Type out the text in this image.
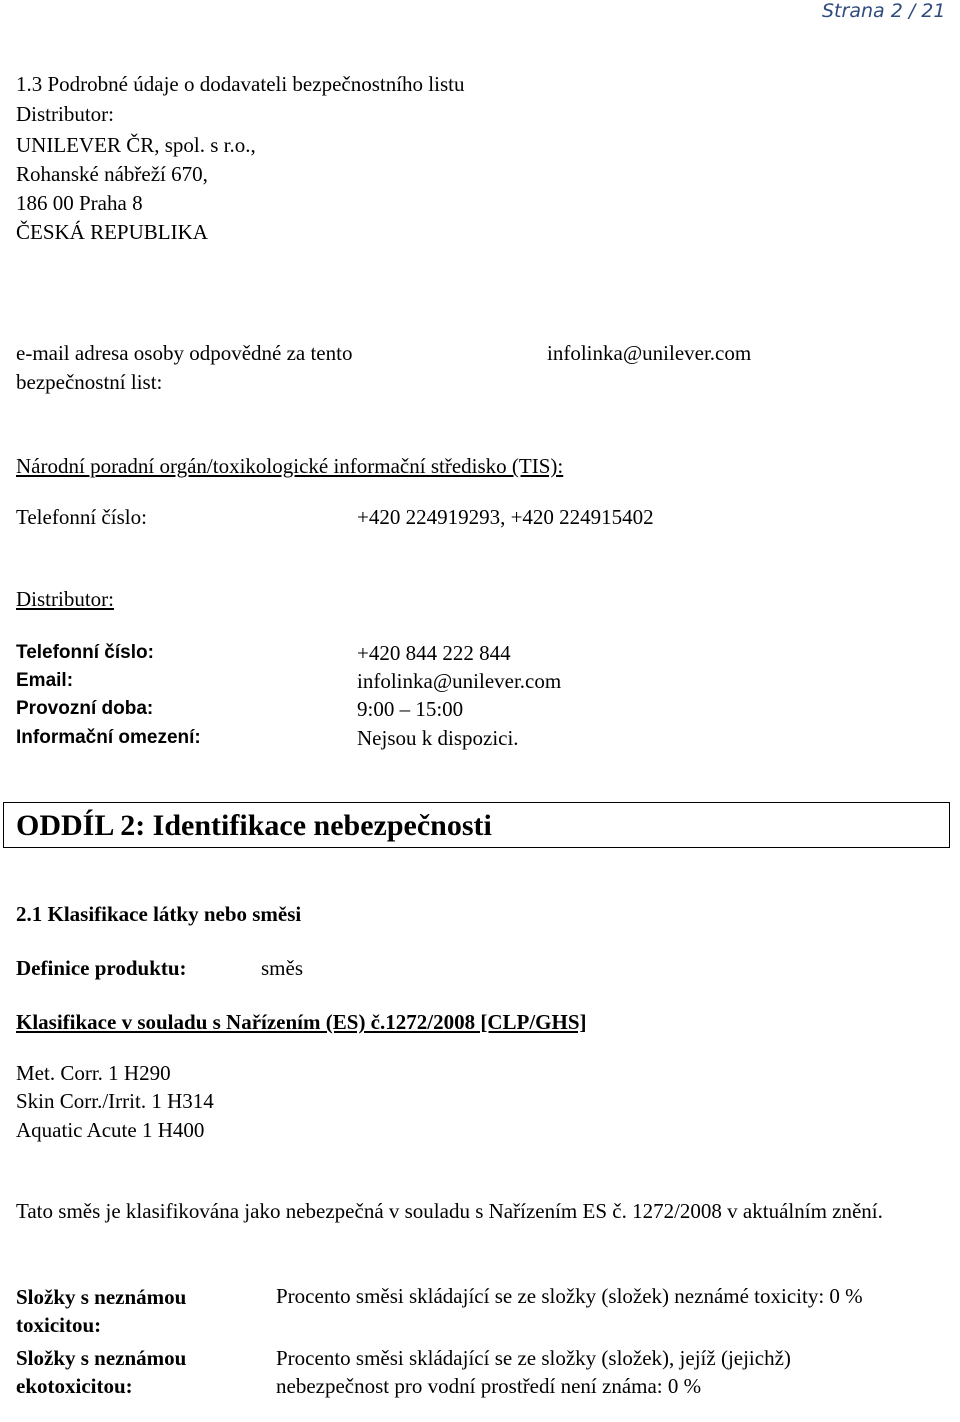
Strana 2 / 21
1.3 Podrobné údaje o dodavateli bezpečnostního listu
Distributor:
UNILEVER ČR, spol. s r.o.,
Rohanské nábřeží 670,
186 00 Praha 8
ČESKÁ REPUBLIKA
e-mail adresa osoby odpovědné za tento
bezpečnostní list:
infolinka@unilever.com
Národní poradní orgán/toxikologické informační středisko (TIS):
Telefonní číslo:	+420 224919293, +420 224915402
Distributor:
Telefonní číslo:	+420 844 222 844
Email:	infolinka@unilever.com
Provozní doba:	9:00 – 15:00
Informační omezení:	Nejsou k dispozici.
ODDÍL 2: Identifikace nebezpečnosti
2.1 Klasifikace látky nebo směsi
Definice produktu:	směs
Klasifikace v souladu s Nařízením (ES) č.1272/2008 [CLP/GHS]
Met. Corr. 1 H290
Skin Corr./Irrit. 1 H314
Aquatic Acute 1 H400
Tato směs je klasifikována jako nebezpečná v souladu s Nařízením ES č. 1272/2008 v aktuálním znění.
Složky s neznámou toxicitou:
Procento směsi skládající se ze složky (složek) neznámé toxicity: 0 %
Složky s neznámou ekotoxicitou:
Procento směsi skládající se ze složky (složek), jejíž (jejichž) nebezpečnost pro vodní prostředí není známa: 0 %
